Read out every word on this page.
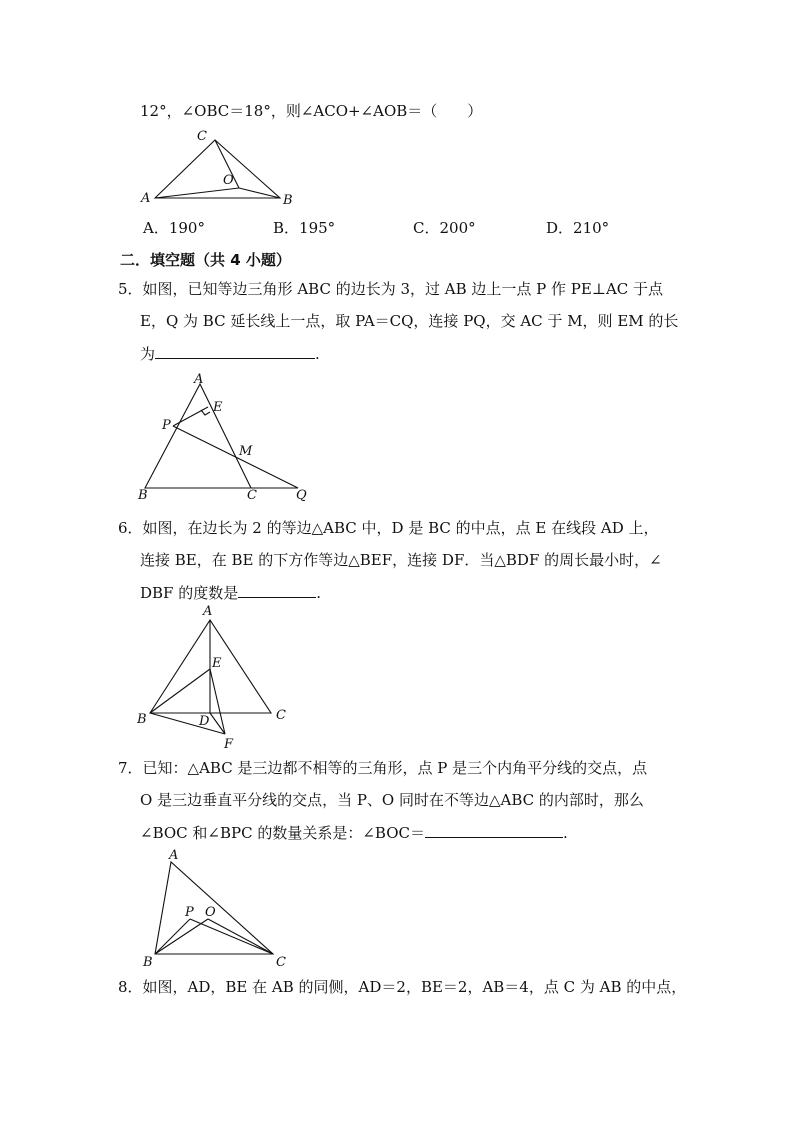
12°，∠OBC＝18°，则∠ACO+∠AOB＝（　　）
A	B
C
O
A．190°	B．195°	C．200°	D．210°
二．填空题（共 4 小题）
5．如图，已知等边三角形 ABC 的边长为 3，过 AB 边上一点 P 作 PE⊥AC 于点
E，Q 为 BC 延长线上一点，取 PA＝CQ，连接 PQ，交 AC 于 M，则 EM 的长
为	.
A
E
P
M
B	C	Q
6．如图，在边长为 2 的等边△ABC 中，D 是 BC 的中点，点 E 在线段 AD 上，
连接 BE，在 BE 的下方作等边△BEF，连接 DF．当△BDF 的周长最小时，∠
DBF 的度数是	.
A
E
B	D	C
F
7．已知：△ABC 是三边都不相等的三角形，点 P 是三个内角平分线的交点，点
O 是三边垂直平分线的交点，当 P、O 同时在不等边△ABC 的内部时，那么
∠BOC 和∠BPC 的数量关系是：∠BOC＝	.
A
P O
B	C
8．如图，AD，BE 在 AB 的同侧，AD＝2，BE＝2，AB＝4，点 C 为 AB 的中点，
